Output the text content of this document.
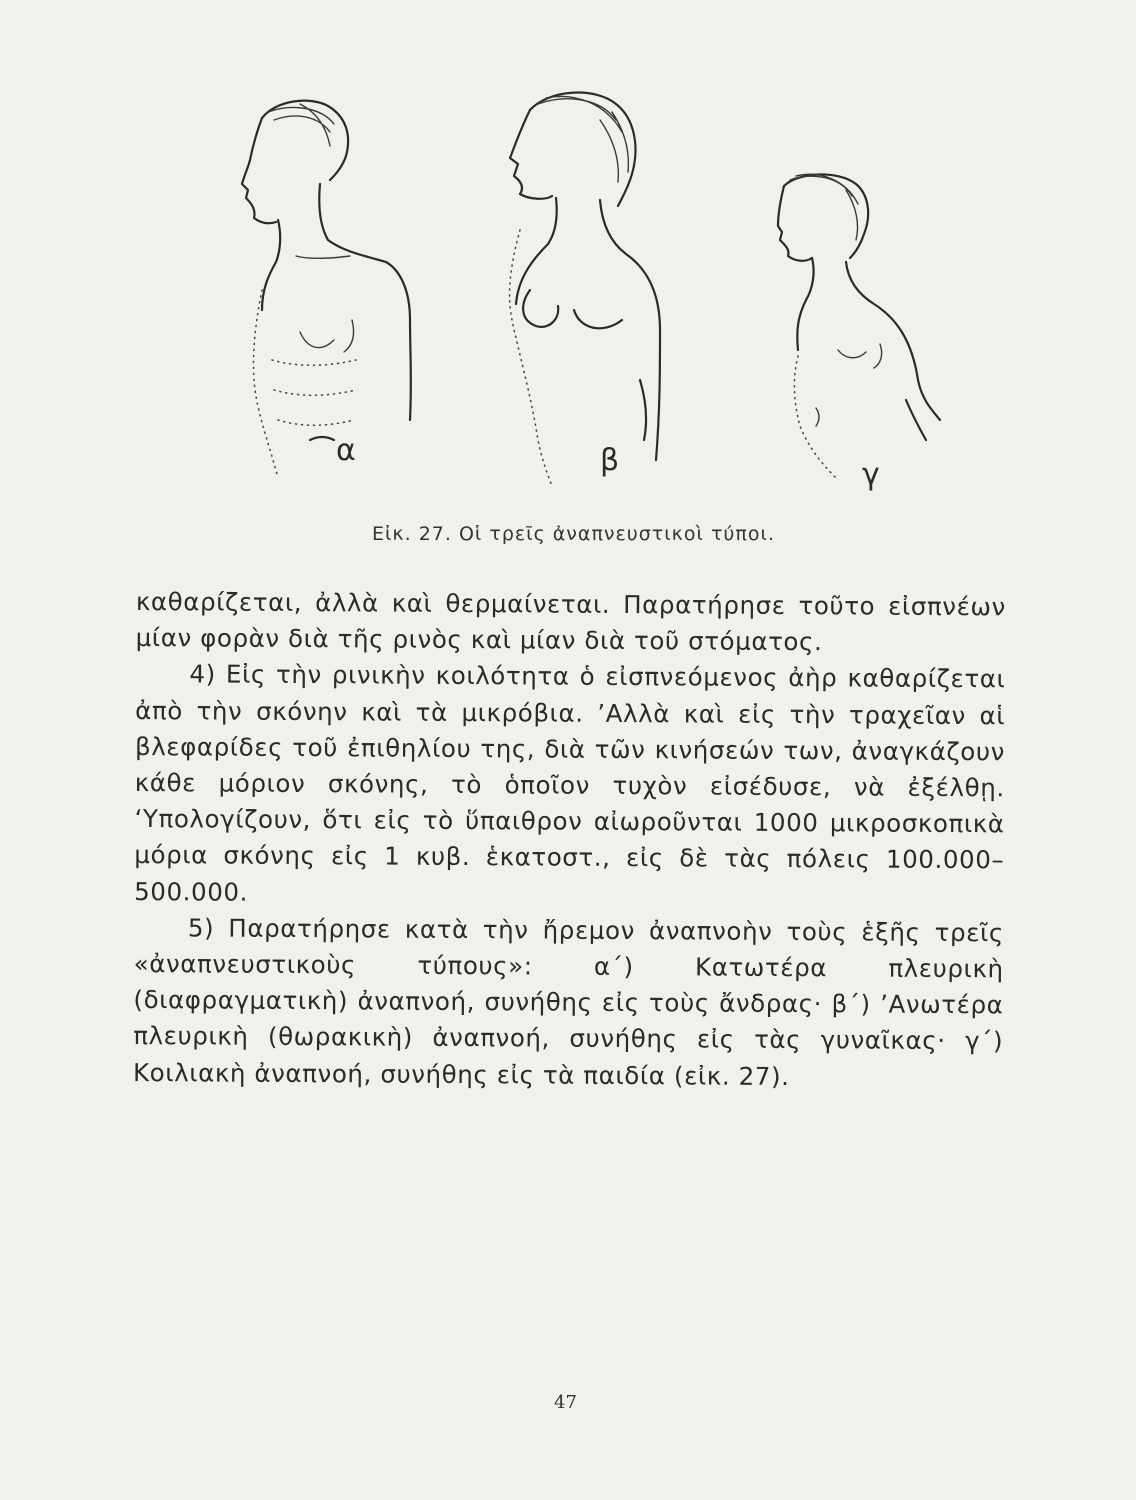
α	β	γ
Εἰκ. 27. Οἱ τρεῖς ἀναπνευστικοὶ τύποι.

καθαρίζεται, ἀλλὰ καὶ θερμαίνεται. Παρατήρησε τοῦτο εἰσπνέων μίαν φορὰν διὰ τῆς ρινὸς καὶ μίαν διὰ τοῦ στόματος.

4) Εἰς τὴν ρινικὴν κοιλότητα ὁ εἰσπνεόμενος ἀὴρ καθαρίζεται ἀπὸ τὴν σκόνην καὶ τὰ μικρόβια. ’Αλλὰ καὶ εἰς τὴν τραχεῖαν αἱ βλεφαρίδες τοῦ ἐπιθηλίου της, διὰ τῶν κινήσεών των, ἀναγκάζουν κάθε μόριον σκόνης, τὸ ὁποῖον τυχὸν εἰσέδυσε, νὰ ἐξέλθῃ. ‘Υπολογίζουν, ὅτι εἰς τὸ ὕπαιθρον αἰωροῦνται 1000 μικροσκοπικὰ μόρια σκόνης εἰς 1 κυβ. ἑκατοστ., εἰς δὲ τὰς πόλεις 100.000–500.000.

5) Παρατήρησε κατὰ τὴν ἤρεμον ἀναπνοὴν τοὺς ἑξῆς τρεῖς «ἀναπνευστικοὺς τύπους»: α΄) Κατωτέρα πλευρικὴ (διαφραγματικὴ) ἀναπνοή, συνήθης εἰς τοὺς ἄνδρας· β΄) ’Ανωτέρα πλευρικὴ (θωρακικὴ) ἀναπνοή, συνήθης εἰς τὰς γυναῖκας· γ΄) Κοιλιακὴ ἀναπνοή, συνήθης εἰς τὰ παιδία (εἰκ. 27).

47
